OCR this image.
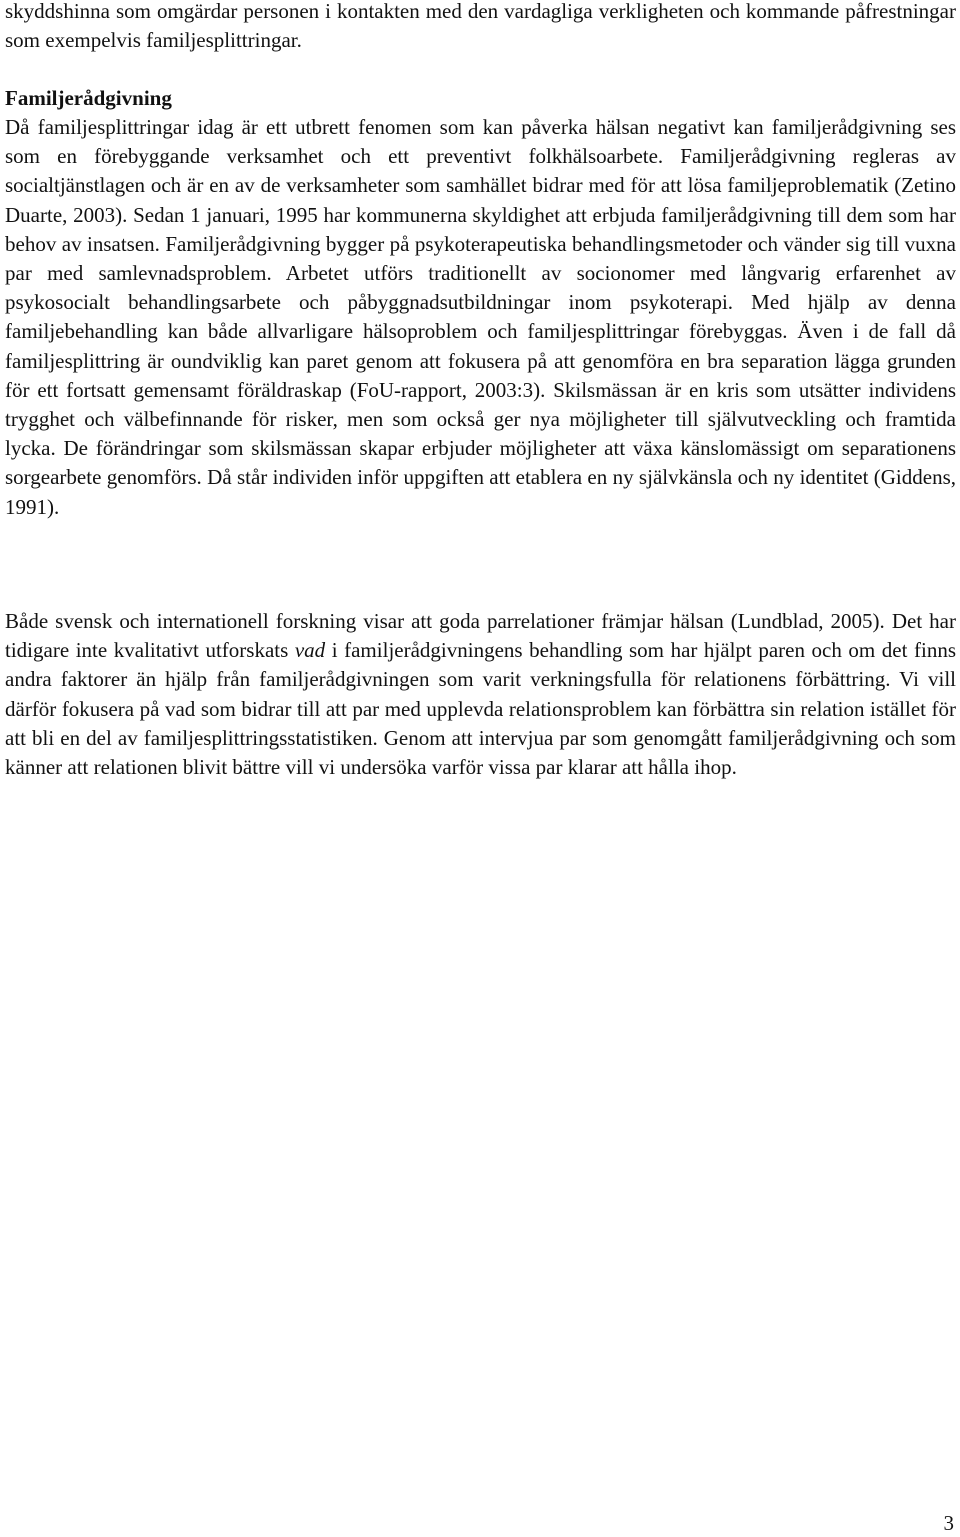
skyddshinna som omgärdar personen i kontakten med den vardagliga verkligheten och kommande påfrestningar som exempelvis familjesplittringar.

Familjerådgivning

Då familjesplittringar idag är ett utbrett fenomen som kan påverka hälsan negativt kan familjerådgivning ses som en förebyggande verksamhet och ett preventivt folkhälsoarbete. Familjerådgivning regleras av socialtjänstlagen och är en av de verksamheter som samhället bidrar med för att lösa familjeproblematik (Zetino Duarte, 2003). Sedan 1 januari, 1995 har kommunerna skyldighet att erbjuda familjerådgivning till dem som har behov av insatsen. Familjerådgivning bygger på psykoterapeutiska behandlingsmetoder och vänder sig till vuxna par med samlevnadsproblem. Arbetet utförs traditionellt av socionomer med långvarig erfarenhet av psykosocialt behandlingsarbete och påbyggnadsutbildningar inom psykoterapi. Med hjälp av denna familjebehandling kan både allvarligare hälsoproblem och familjesplittringar förebyggas. Även i de fall då familjesplittring är oundviklig kan paret genom att fokusera på att genomföra en bra separation lägga grunden för ett fortsatt gemensamt föräldraskap (FoU-rapport, 2003:3). Skilsmässan är en kris som utsätter individens trygghet och välbefinnande för risker, men som också ger nya möjligheter till självutveckling och framtida lycka. De förändringar som skilsmässan skapar erbjuder möjligheter att växa känslomässigt om separationens sorgearbete genomförs. Då står individen inför uppgiften att etablera en ny självkänsla och ny identitet (Giddens, 1991).

Både svensk och internationell forskning visar att goda parrelationer främjar hälsan (Lundblad, 2005). Det har tidigare inte kvalitativt utforskats vad i familjerådgivningens behandling som har hjälpt paren och om det finns andra faktorer än hjälp från familjerådgivningen som varit verkningsfulla för relationens förbättring. Vi vill därför fokusera på vad som bidrar till att par med upplevda relationsproblem kan förbättra sin relation istället för att bli en del av familjesplittringsstatistiken. Genom att intervjua par som genomgått familjerådgivning och som känner att relationen blivit bättre vill vi undersöka varför vissa par klarar att hålla ihop.

3
